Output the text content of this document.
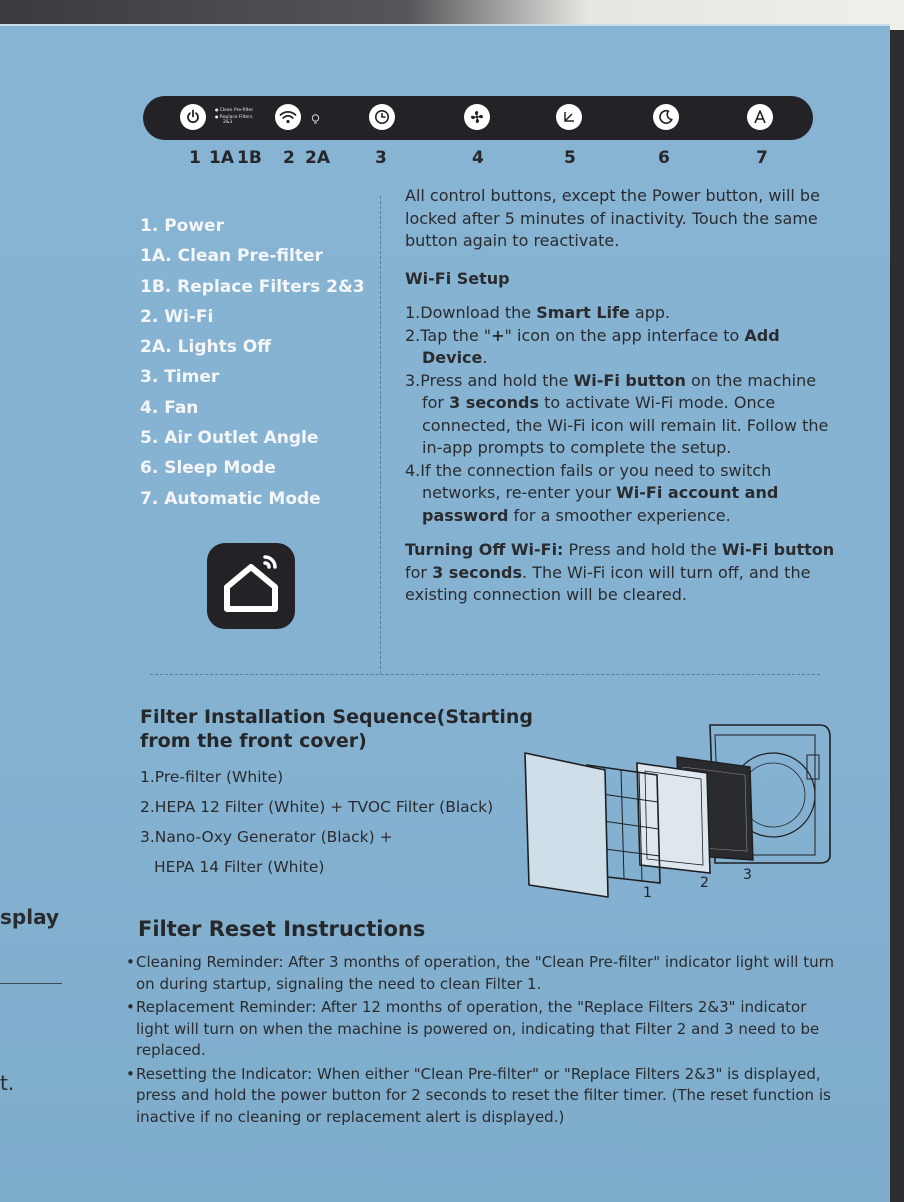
● Clean Pre-filter
● Replace Filters
2&3
1 1A 1B 2 2A	3	4	5	6	7
1. Power
1A. Clean Pre-filter
1B. Replace Filters 2&3
2. Wi-Fi
2A. Lights Off
3. Timer
4. Fan
5. Air Outlet Angle
6. Sleep Mode
7. Automatic Mode

All control buttons, except the Power button, will be locked after 5 minutes of inactivity. Touch the same button again to reactivate.

Wi-Fi Setup

1.Download the Smart Life app.

2.Tap the "+" icon on the app interface to Add Device.

3.Press and hold the Wi-Fi button on the machine for 3 seconds to activate Wi-Fi mode. Once connected, the Wi-Fi icon will remain lit. Follow the in-app prompts to complete the setup.

4.If the connection fails or you need to switch networks, re-enter your Wi-Fi account and password for a smoother experience.

Turning Off Wi-Fi: Press and hold the Wi-Fi button for 3 seconds. The Wi-Fi icon will turn off, and the existing connection will be cleared.

Filter Installation Sequence(Starting from the front cover)
1.Pre-filter (White)
2.HEPA 12 Filter (White) + TVOC Filter (Black)
3.Nano-Oxy Generator (Black) +
HEPA 14 Filter (White)
1
2 3
Filter Reset Instructions
• Cleaning Reminder: After 3 months of operation, the "Clean Pre-filter" indicator light will turn on during startup, signaling the need to clean Filter 1.
• Replacement Reminder: After 12 months of operation, the "Replace Filters 2&3" indicator light will turn on when the machine is powered on, indicating that Filter 2 and 3 need to be replaced.
• Resetting the Indicator: When either "Clean Pre-filter" or "Replace Filters 2&3" is displayed, press and hold the power button for 2 seconds to reset the filter timer. (The reset function is inactive if no cleaning or replacement alert is displayed.)
splay
t.
